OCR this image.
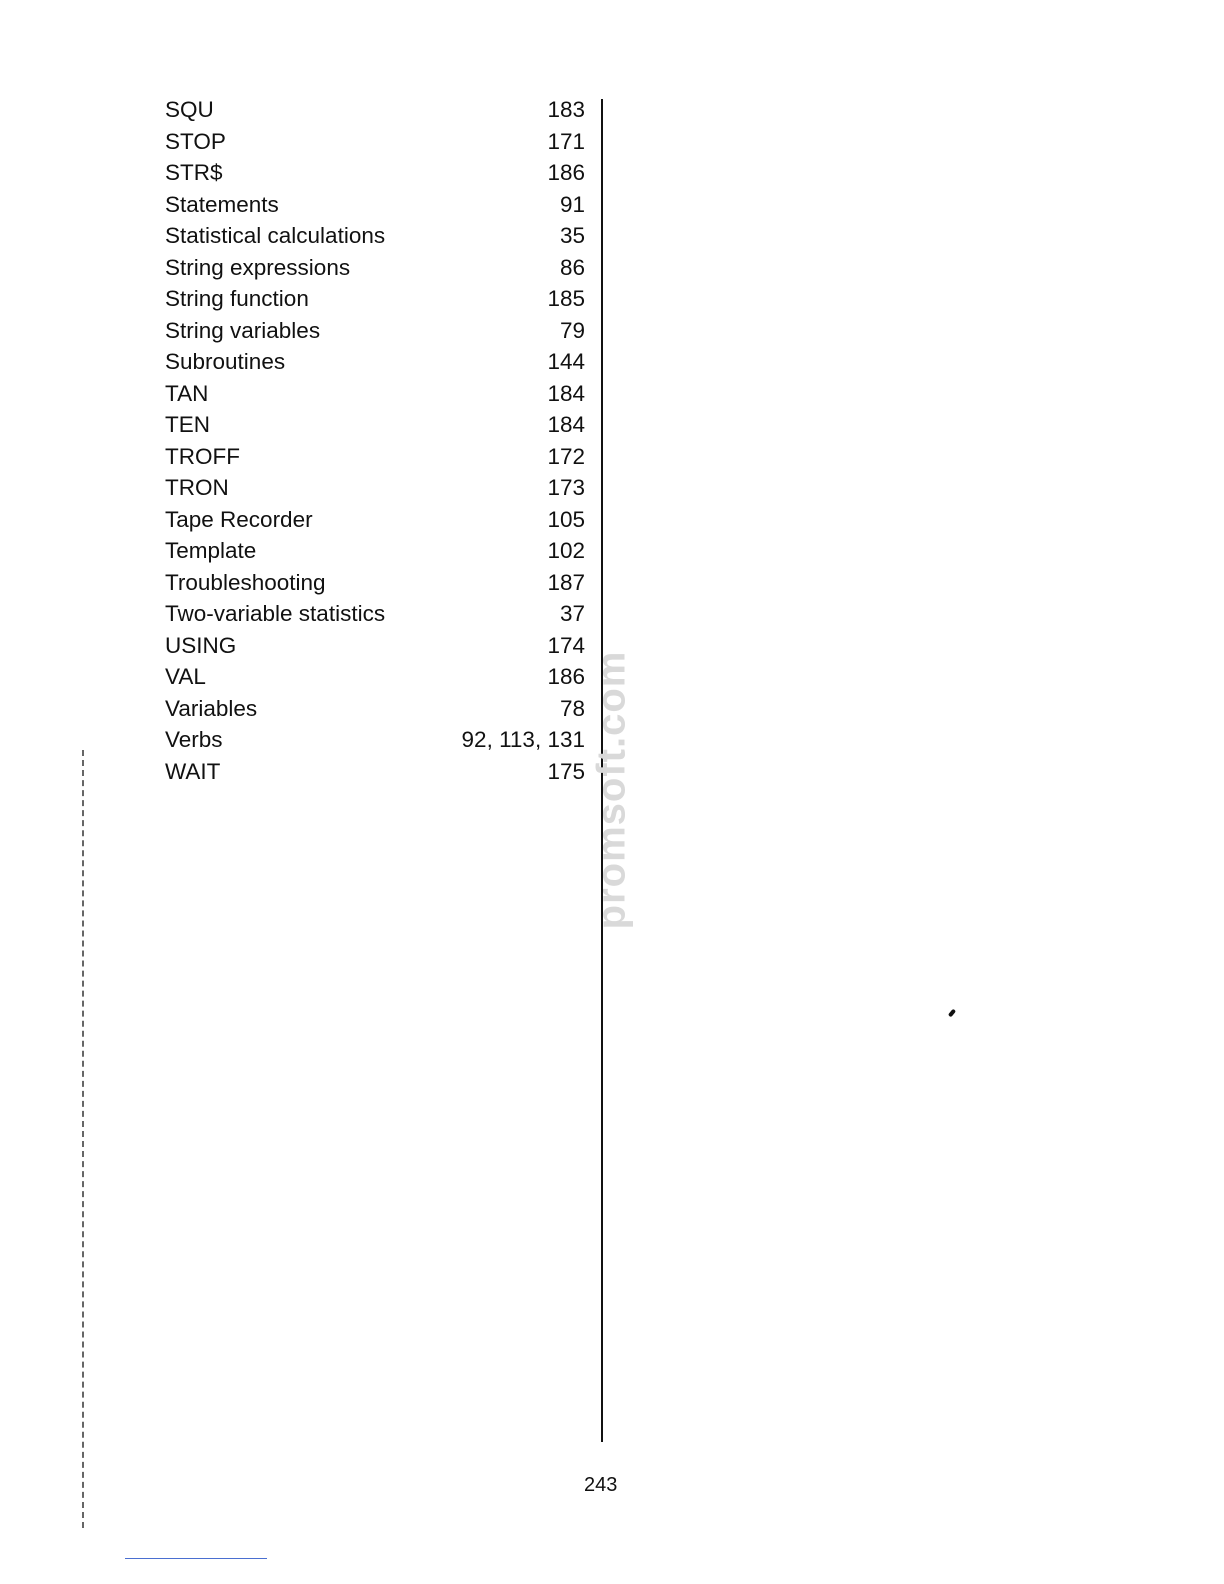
SQU	183
STOP	171
STR$	186
Statements	91
Statistical calculations	35
String expressions	86
String function	185
String variables	79
Subroutines	144
TAN	184
TEN	184
TROFF	172
TRON	173
Tape Recorder	105
Template	102
Troubleshooting	187
Two-variable statistics	37
USING	174
VAL	186
Variables	78
Verbs	92, 113, 131
WAIT	175 promsoft.com
243
